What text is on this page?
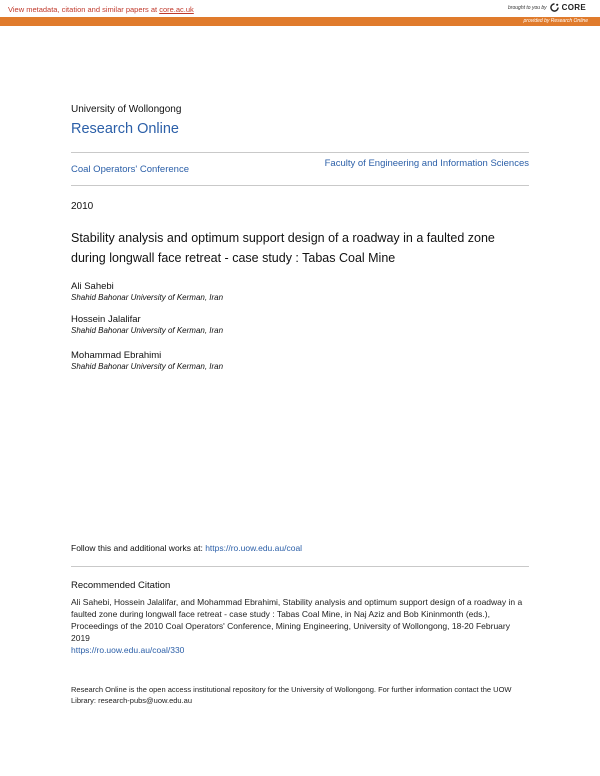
View metadata, citation and similar papers at core.ac.uk	brought to you by CORE
provided by Research Online
University of Wollongong
Research Online
Coal Operators' Conference
Faculty of Engineering and Information Sciences
2010
Stability analysis and optimum support design of a roadway in a faulted zone during longwall face retreat - case study : Tabas Coal Mine
Ali Sahebi
Shahid Bahonar University of Kerman, Iran
Hossein Jalalifar
Shahid Bahonar University of Kerman, Iran
Mohammad Ebrahimi
Shahid Bahonar University of Kerman, Iran
Follow this and additional works at: https://ro.uow.edu.au/coal
Recommended Citation
Ali Sahebi, Hossein Jalalifar, and Mohammad Ebrahimi, Stability analysis and optimum support design of a roadway in a faulted zone during longwall face retreat - case study : Tabas Coal Mine, in Naj Aziz and Bob Kininmonth (eds.), Proceedings of the 2010 Coal Operators' Conference, Mining Engineering, University of Wollongong, 18-20 February 2019
https://ro.uow.edu.au/coal/330
Research Online is the open access institutional repository for the University of Wollongong. For further information contact the UOW Library: research-pubs@uow.edu.au
